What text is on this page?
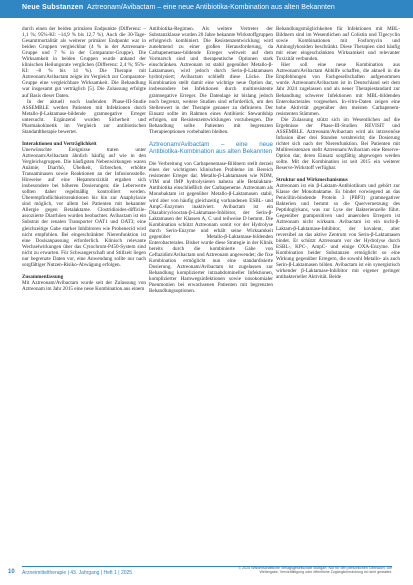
Neue Substanzen Aztreonam/Avibactam – eine neue Antibiotika-Kombination aus alten Bekannten

durch einen der beiden primären Endpunkte (Differenz: –1,1 %; 95%-KI: –14,9 % bis 12,7 %). Auch die 30-Tage-Gesamtmortalität als weiterer primärer Endpunkt war in beiden Gruppen vergleichbar (4 % in der Aztreonam-Gruppe und 7 % in der Comparator-Gruppe). Die Wirksamkeit in beiden Gruppen wurde anhand der klinischen Heilungsrate verglichen (Differenz: 2,4 %; 95%-KI: –8 % bis 14 %). Die Therapie mit Aztreonam/Avibactam zeigte im Vergleich zur Comparator-Gruppe eine vergleichbare Wirksamkeit. Die Behandlung war insgesamt gut verträglich [5]. Die Zulassung erfolgte auf Basis dieser Daten.

In der aktuell noch laufenden Phase-III-Studie ASSEMBLE werden Patienten mit Infektionen durch Metallo-β-Laktamase-bildende gramnegative Erreger untersucht. Ergänzend wurden Sicherheit und Pharmakokinetik im Vergleich zur antibiotischen Standardtherapie bewertet.

Interaktionen und Verträglichkeit

Unerwünschte Ereignisse traten unter Aztreonam/Avibactam ähnlich häufig auf wie in den Vergleichsgruppen. Die häufigsten Nebenwirkungen waren Anämie, Diarrhö, Übelkeit, Erbrechen, erhöhte Transaminasen sowie Reaktionen an der Infusionsstelle. Hinweise auf eine Hepatotoxizität ergaben sich insbesondere bei höheren Dosierungen; die Leberwerte sollten daher regelmäßig kontrolliert werden. Überempfindlichkeitsreaktionen bis hin zur Anaphylaxie sind möglich, vor allem bei Patienten mit bekannter Allergie gegen Betalaktame. Clostridioides-difficile-assoziierte Diarrhöen wurden beobachtet. Avibactam ist ein Substrat der renalen Transporter OAT1 und OAT3; eine gleichzeitige Gabe starker Inhibitoren wie Probenecid wird nicht empfohlen. Bei eingeschränkter Nierenfunktion ist eine Dosisanpassung erforderlich. Klinisch relevante Wechselwirkungen über das Cytochrom-P450-System sind nicht zu erwarten. Für Schwangerschaft und Stillzeit liegen nur begrenzte Daten vor, eine Anwendung sollte nur nach sorgfältiger Nutzen-Risiko-Abwägung erfolgen.

Zusammenfassung

Mit Aztreonam/Avibactam wurde seit der Zulassung von Aztreonam im Jahr 2015 eine neue Kombination aus einem

Antibiotika-Regimen. Als weitere Vertreter der Substanzklasse wurden 20 Jahre bekannte Wirkstoffgruppen erfolgreich kombiniert. Die Resistenzentwicklung wird zunehmend zu einer großen Herausforderung, da Carbapenemase-bildende Erreger weltweit auf dem Vormarsch sind und therapeutische Optionen stark einschränken. Aztreonam ist stabil gegenüber Metallo-β-Laktamasen, wird jedoch durch Serin-β-Laktamasen hydrolysiert; Avibactam schließt diese Lücke. Die Kombination stellt damit eine wichtige neue Option dar, insbesondere bei Infektionen durch multiresistente gramnegative Erreger. Die Datenlage ist bislang jedoch noch begrenzt, weitere Studien sind erforderlich, um den Stellenwert in der Therapie genauer zu definieren. Der Einsatz sollte im Rahmen eines Antibiotic Stewardship erfolgen, um Resistenzentwicklungen vorzubeugen. Die Behandlung sollte Patienten mit begrenzten Therapieoptionen vorbehalten bleiben.

Aztreonam/Avibactam – eine neue Antibiotika-Kombination aus alten Bekannten

Die Verbreitung von Carbapenemase-Bildnern stellt derzeit eines der wichtigsten klinischen Probleme im Bereich resistenter Erreger dar. Metallo-β-Laktamasen wie NDM, VIM und IMP hydrolysieren nahezu alle Betalaktam-Antibiotika einschließlich der Carbapeneme. Aztreonam als Monobaktam ist gegenüber Metallo-β-Laktamasen stabil, wird aber von häufig gleichzeitig vorhandenen ESBL- und AmpC-Enzymen inaktiviert. Avibactam ist ein Diazabicyclooctan-β-Laktamase-Inhibitor, der Serin-β-Laktamasen der Klassen A, C und teilweise D hemmt. Die Kombination schützt Aztreonam somit vor der Hydrolyse durch Serin-Enzyme und erhält seine Wirksamkeit gegenüber Metallo-β-Laktamase-bildenden Enterobacterales. Bisher wurde diese Strategie in der Klinik bereits durch die kombinierte Gabe von Ceftazidim/Avibactam und Aztreonam angewendet; die fixe Kombination ermöglicht nun eine standardisierte Dosierung. Aztreonam/Avibactam ist zugelassen zur Behandlung komplizierter intraabdomineller Infektionen, komplizierter Harnwegsinfektionen sowie nosokomialer Pneumonien bei erwachsenen Patienten mit begrenzten Behandlungsoptionen.

Behandlungsmöglichkeiten für Infektionen mit MBL-Bildnern sind im Wesentlichen auf Colistin und Tigecyclin sowie Kombinationen mit Fosfomycin und Aminoglykosiden beschränkt. Diese Therapien sind häufig mit einer eingeschränkten Wirksamkeit und relevanter Toxizität verbunden.

Hier soll eine neue Kombination aus Aztreonam/Avibactam Abhilfe schaffen, die aktuell in die Empfehlungen von Fachgesellschaften aufgenommen wurde. Aztreonam/Avibactam ist in Deutschland seit dem Jahr 2024 zugelassen und als neuer Therapiestandard zur Behandlung schwerer Infektionen mit MBL-bildenden Enterobacterales vorgesehen. In-vitro-Daten zeigen eine hohe Aktivität gegenüber den meisten Carbapenem-resistenten Stämmen.

Die Zulassung stützt sich im Wesentlichen auf die Ergebnisse der Phase-III-Studien REVISIT und ASSEMBLE. Aztreonam/Avibactam wird als intravenöse Infusion über drei Stunden verabreicht; die Dosierung richtet sich nach der Nierenfunktion. Bei Patienten mit Multiresistenzen stellt Aztreonam/Avibactam eine Reserve-Option dar, deren Einsatz sorgfältig abgewogen werden sollte. Mit der Kombination ist seit 2015 ein weiterer Reserve-Wirkstoff verfügbar.

Struktur und Wirkmechanismus

Aztreonam ist ein β-Laktam-Antibiotikum und gehört zur Klasse der Monobaktame. Es bindet vorwiegend an das Penicillin-bindende Protein 3 (PBP3) gramnegativer Bakterien und hemmt so die Quervernetzung des Peptidoglykans, was zur Lyse der Bakterienzelle führt. Gegenüber grampositiven und anaeroben Erregern ist Aztreonam nicht wirksam. Avibactam ist ein nicht-β-Laktam-β-Laktamase-Inhibitor, der kovalent, aber reversibel an das aktive Zentrum von Serin-β-Laktamasen bindet. Er schützt Aztreonam vor der Hydrolyse durch ESBL-, KPC-, AmpC- und einige OXA-Enzyme. Die Kombination beider Substanzen ermöglicht so eine Wirkung gegenüber Erregern, die sowohl Metallo- als auch Serin-β-Laktamasen bilden. Avibactam ist ein synergistisch wirkender β-Laktamase-Inhibitor mit eigener geringer antibakterieller Aktivität. Beide

10 Arzneimitteltherapie | 43. Jahrgang | Heft 1 | 2025
© 2025 Wissenschaftliche Verlagsgesellschaft Stuttgart. Nur für den persönlichen Gebrauch. Die Weitergabe, Vervielfältigung oder öffentliche Zugänglichmachung ist nicht gestattet.
